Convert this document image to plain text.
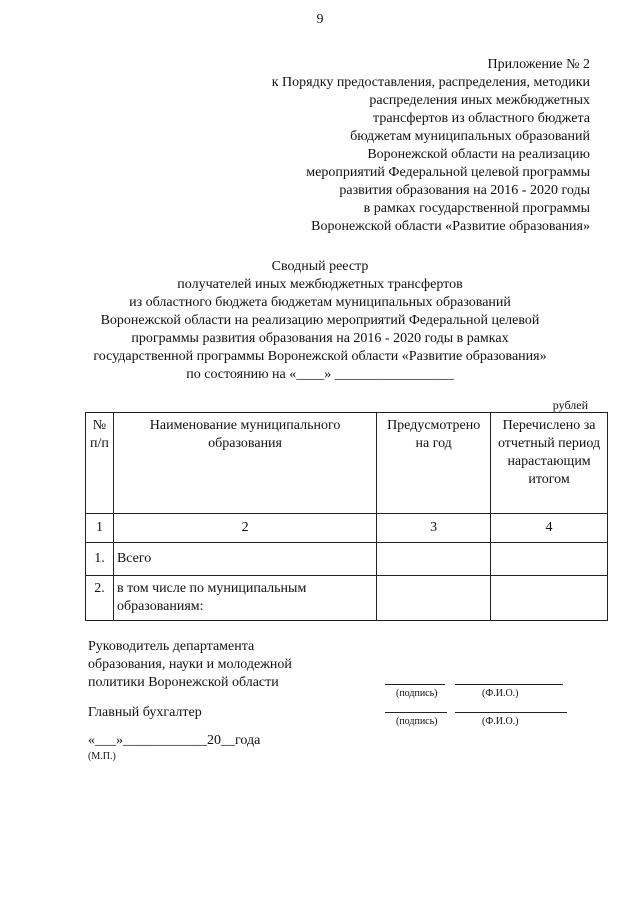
9
Приложение № 2
к Порядку предоставления, распределения, методики
распределения иных межбюджетных
трансфертов из областного бюджета
бюджетам муниципальных образований
Воронежской области на реализацию
мероприятий Федеральной целевой программы
развития образования на 2016 - 2020 годы
в рамках государственной программы
Воронежской области «Развитие образования»
Сводный реестр
получателей иных межбюджетных трансфертов
из областного бюджета бюджетам муниципальных образований
Воронежской области на реализацию мероприятий Федеральной целевой
программы развития образования на 2016 - 2020 годы в рамках
государственной программы Воронежской области «Развитие образования»
по состоянию на «____» _________________
рублей
№ п/п	Наименование муниципального образования	Предусмотрено на год	Перечислено за отчетный период нарастающим итогом
1	2	3	4
1.	Всего		
2.	в том числе по муниципальным образованиям:		
Руководитель департамента
образования, науки и молодежной
политики Воронежской области
(подпись)	(Ф.И.О.)
Главный бухгалтер
(подпись)	(Ф.И.О.)
«___»____________20__года
(М.П.)
